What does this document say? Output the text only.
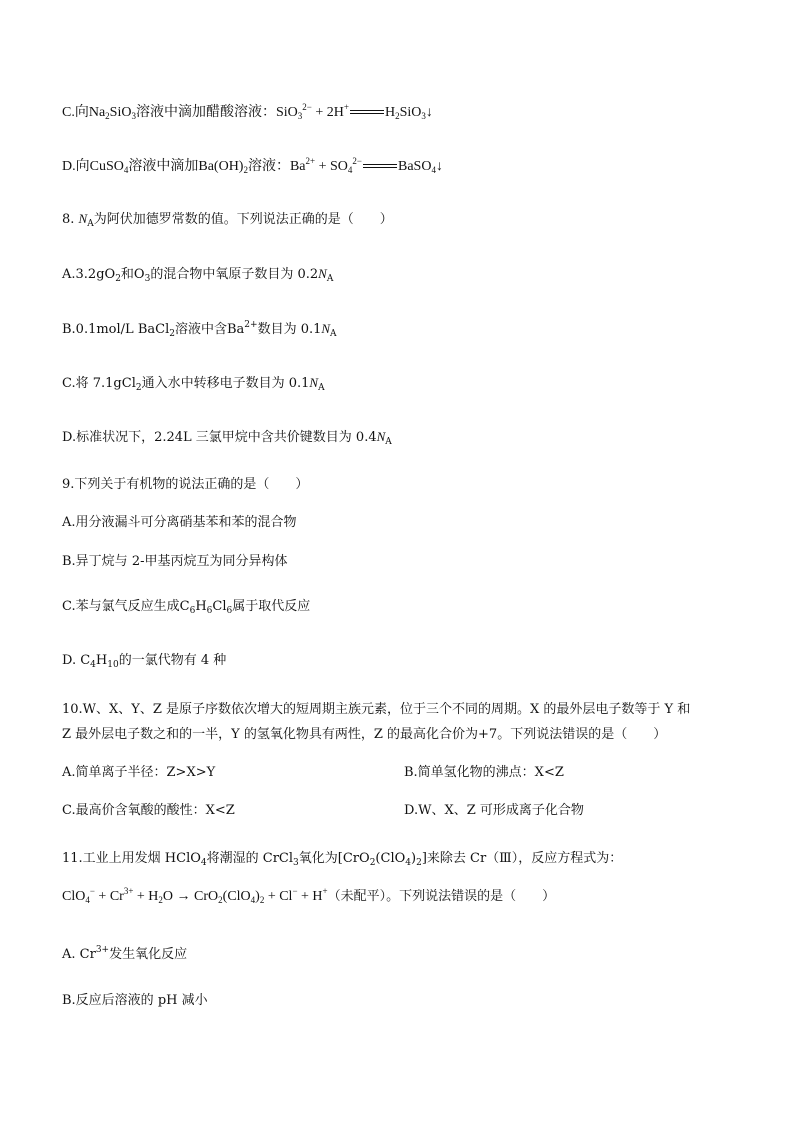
C.向$Na_2SiO_3$溶液中滴加醋酸溶液：SiO$_3^{2-}$ + 2H+	$H_2SiO_3↓$
D.向CuSO$_4$溶液中滴加$Ba(OH)_2$溶液：$Ba^{2+} + SO_4^{2-}$	BaSO$_4$↓
8. $N_A$为阿伏加德罗常数的值。下列说法正确的是（　　）
$A.3.2gO_2$和$O_3$的混合物中氧原子数目为 $0.2N_A$
B.0.1mol/L BaCl$_2$溶液中含$Ba^{2+}$数目为 $0.1N_A$
C.将 7.1gCl$_2$通入水中转移电子数目为 $0.1N_A$
D.标准状况下，2.24L 三氯甲烷中含共价键数目为 $0.4N_A$
9.下列关于有机物的说法正确的是（　　）
A.用分液漏斗可分离硝基苯和苯的混合物
B.异丁烷与 2-甲基丙烷互为同分异构体
C.苯与氯气反应生成$C_6H_6Cl_6$属于取代反应
D. $C_4H_{10}$的一氯代物有 4 种
10.W、X、Y、Z 是原子序数依次增大的短周期主族元素，位于三个不同的周期。X 的最外层电子数等于 Y 和
Z 最外层电子数之和的一半，Y 的氢氧化物具有两性，Z 的最高化合价为+7。下列说法错误的是（　　）
A.简单离子半径：Z>X>Y	B.简单氢化物的沸点：X<Z
C.最高价含氧酸的酸性：X<Z	D.W、X、Z 可形成离子化合物
11.工业上用发烟 HClO$_4$将潮湿的 CrCl$_3$氧化为$[CrO_2(ClO_4)_2]$来除去 Cr（Ⅲ），反应方程式为：
$ClO_4^- + Cr^{3+} + H_2O \to CrO_2(ClO_4)_2 + Cl^- + H^+$（未配平）。下列说法错误的是（　　）
A. $Cr^{3+}$发生氧化反应
B.反应后溶液的 pH 减小
